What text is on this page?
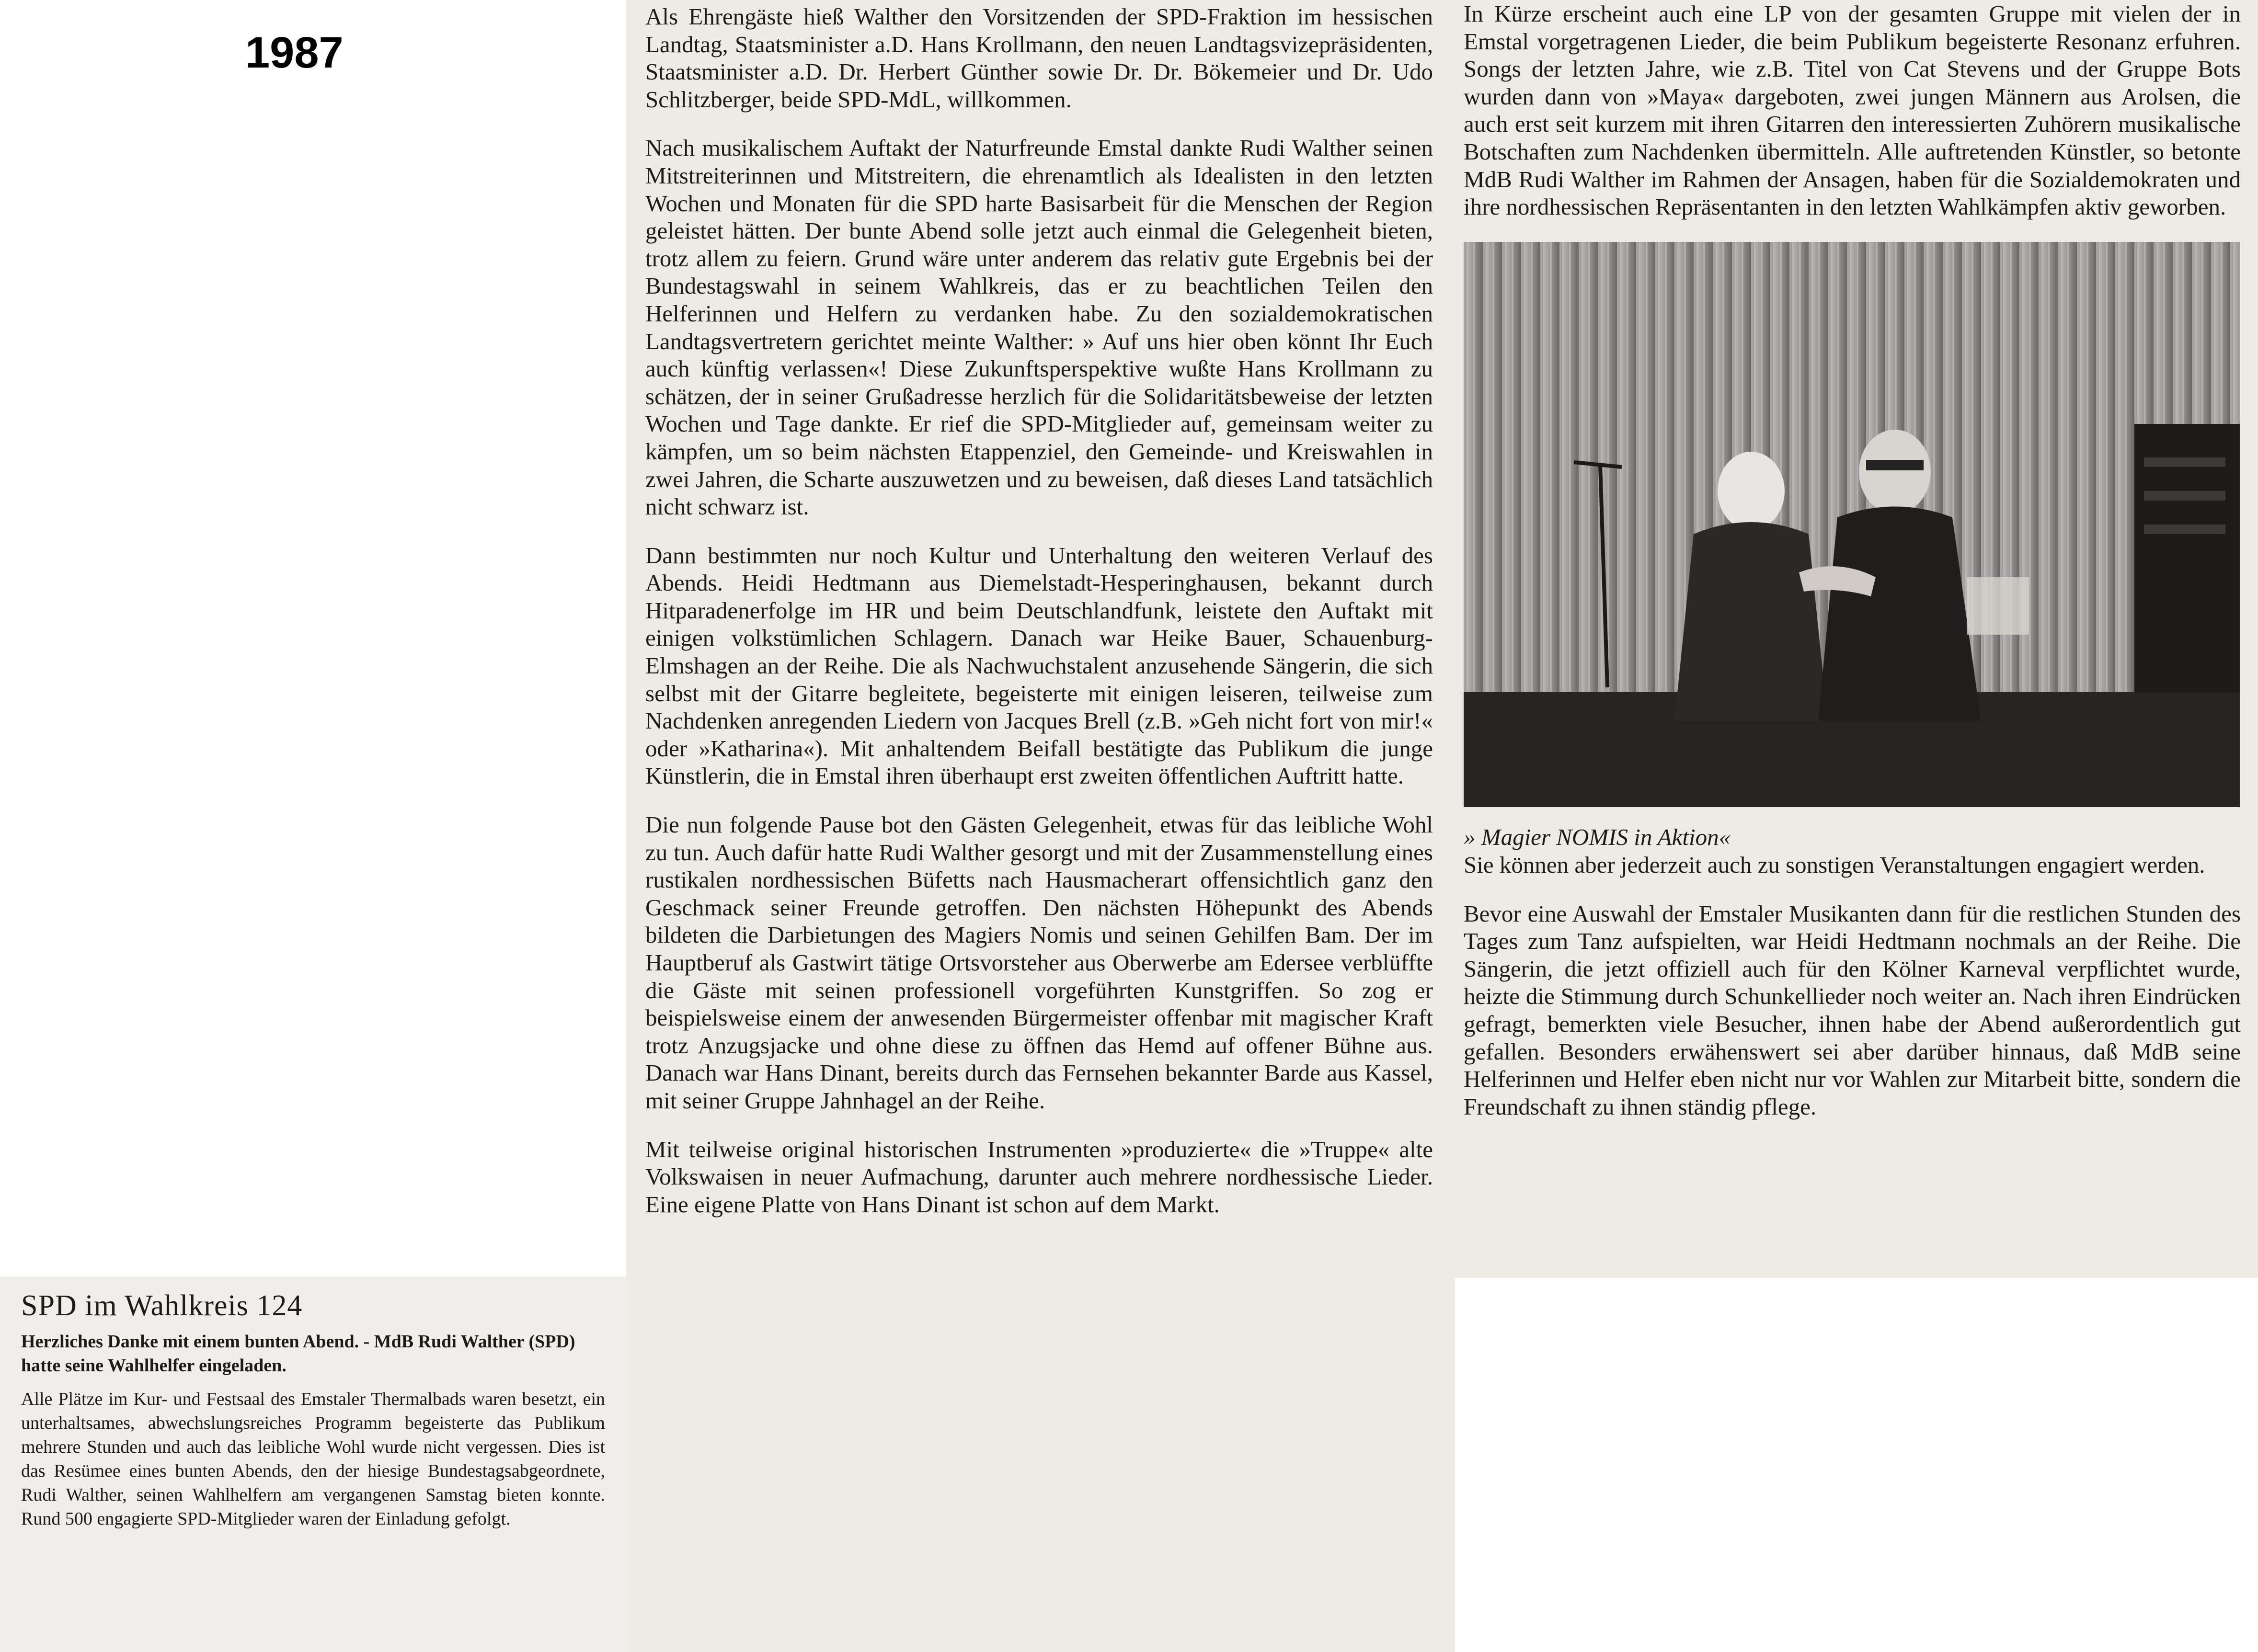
1987
SPD im Wahlkreis 124
Herzliches Danke mit einem bunten Abend. - MdB Rudi Walther (SPD) hatte seine Wahlhelfer eingeladen.

Alle Plätze im Kur- und Festsaal des Emstaler Thermalbads waren besetzt, ein unterhaltsames, abwechslungsreiches Programm begeisterte das Publikum mehrere Stunden und auch das leibliche Wohl wurde nicht vergessen. Dies ist das Resümee eines bunten Abends, den der hiesige Bundestagsabgeordnete, Rudi Walther, seinen Wahlhelfern am vergangenen Samstag bieten konnte. Rund 500 engagierte SPD-Mitglieder waren der Einladung gefolgt.

Als Ehrengäste hieß Walther den Vorsitzenden der SPD-Fraktion im hessischen Landtag, Staatsminister a.D. Hans Krollmann, den neuen Landtagsvizepräsidenten, Staatsminister a.D. Dr. Herbert Günther sowie Dr. Dr. Bökemeier und Dr. Udo Schlitzberger, beide SPD-MdL, willkommen.

Nach musikalischem Auftakt der Naturfreunde Emstal dankte Rudi Walther seinen Mitstreiterinnen und Mitstreitern, die ehrenamtlich als Idealisten in den letzten Wochen und Monaten für die SPD harte Basisarbeit für die Menschen der Region geleistet hätten. Der bunte Abend solle jetzt auch einmal die Gelegenheit bieten, trotz allem zu feiern. Grund wäre unter anderem das relativ gute Ergebnis bei der Bundestagswahl in seinem Wahlkreis, das er zu beachtlichen Teilen den Helferinnen und Helfern zu verdanken habe. Zu den sozialdemokratischen Landtagsvertretern gerichtet meinte Walther: » Auf uns hier oben könnt Ihr Euch auch künftig verlassen«! Diese Zukunftsperspektive wußte Hans Krollmann zu schätzen, der in seiner Grußadresse herzlich für die Solidaritätsbeweise der letzten Wochen und Tage dankte. Er rief die SPD-Mitglieder auf, gemeinsam weiter zu kämpfen, um so beim nächsten Etappenziel, den Gemeinde- und Kreiswahlen in zwei Jahren, die Scharte auszuwetzen und zu beweisen, daß dieses Land tatsächlich nicht schwarz ist.

Dann bestimmten nur noch Kultur und Unterhaltung den weiteren Verlauf des Abends. Heidi Hedtmann aus Diemelstadt-Hesperinghausen, bekannt durch Hitparadenerfolge im HR und beim Deutschlandfunk, leistete den Auftakt mit einigen volkstümlichen Schlagern. Danach war Heike Bauer, Schauenburg-Elmshagen an der Reihe. Die als Nachwuchstalent anzusehende Sängerin, die sich selbst mit der Gitarre begleitete, begeisterte mit einigen leiseren, teilweise zum Nachdenken anregenden Liedern von Jacques Brell (z.B. »Geh nicht fort von mir!« oder »Katharina«). Mit anhaltendem Beifall bestätigte das Publikum die junge Künstlerin, die in Emstal ihren überhaupt erst zweiten öffentlichen Auftritt hatte.

Die nun folgende Pause bot den Gästen Gelegenheit, etwas für das leibliche Wohl zu tun. Auch dafür hatte Rudi Walther gesorgt und mit der Zusammenstellung eines rustikalen nordhessischen Büfetts nach Hausmacherart offensichtlich ganz den Geschmack seiner Freunde getroffen. Den nächsten Höhepunkt des Abends bildeten die Darbietungen des Magiers Nomis und seinen Gehilfen Bam. Der im Hauptberuf als Gastwirt tätige Ortsvorsteher aus Oberwerbe am Edersee verblüffte die Gäste mit seinen professionell vorgeführten Kunstgriffen. So zog er beispielsweise einem der anwesenden Bürgermeister offenbar mit magischer Kraft trotz Anzugsjacke und ohne diese zu öffnen das Hemd auf offener Bühne aus. Danach war Hans Dinant, bereits durch das Fernsehen bekannter Barde aus Kassel, mit seiner Gruppe Jahnhagel an der Reihe.

Mit teilweise original historischen Instrumenten »produzierte« die »Truppe« alte Volkswaisen in neuer Aufmachung, darunter auch mehrere nordhessische Lieder. Eine eigene Platte von Hans Dinant ist schon auf dem Markt.

In Kürze erscheint auch eine LP von der gesamten Gruppe mit vielen der in Emstal vorgetragenen Lieder, die beim Publikum begeisterte Resonanz erfuhren. Songs der letzten Jahre, wie z.B. Titel von Cat Stevens und der Gruppe Bots wurden dann von »Maya« dargeboten, zwei jungen Männern aus Arolsen, die auch erst seit kurzem mit ihren Gitarren den interessierten Zuhörern musikalische Botschaften zum Nachdenken übermitteln. Alle auftretenden Künstler, so betonte MdB Rudi Walther im Rahmen der Ansagen, haben für die Sozialdemokraten und ihre nordhessischen Repräsentanten in den letzten Wahlkämpfen aktiv geworben.

» Magier NOMIS in Aktion«

Sie können aber jederzeit auch zu sonstigen Veranstaltungen engagiert werden.

Bevor eine Auswahl der Emstaler Musikanten dann für die restlichen Stunden des Tages zum Tanz aufspielten, war Heidi Hedtmann nochmals an der Reihe. Die Sängerin, die jetzt offiziell auch für den Kölner Karneval verpflichtet wurde, heizte die Stimmung durch Schunkellieder noch weiter an. Nach ihren Eindrücken gefragt, bemerkten viele Besucher, ihnen habe der Abend außerordentlich gut gefallen. Besonders erwähenswert sei aber darüber hinnaus, daß MdB seine Helferinnen und Helfer eben nicht nur vor Wahlen zur Mitarbeit bitte, sondern die Freundschaft zu ihnen ständig pflege.
